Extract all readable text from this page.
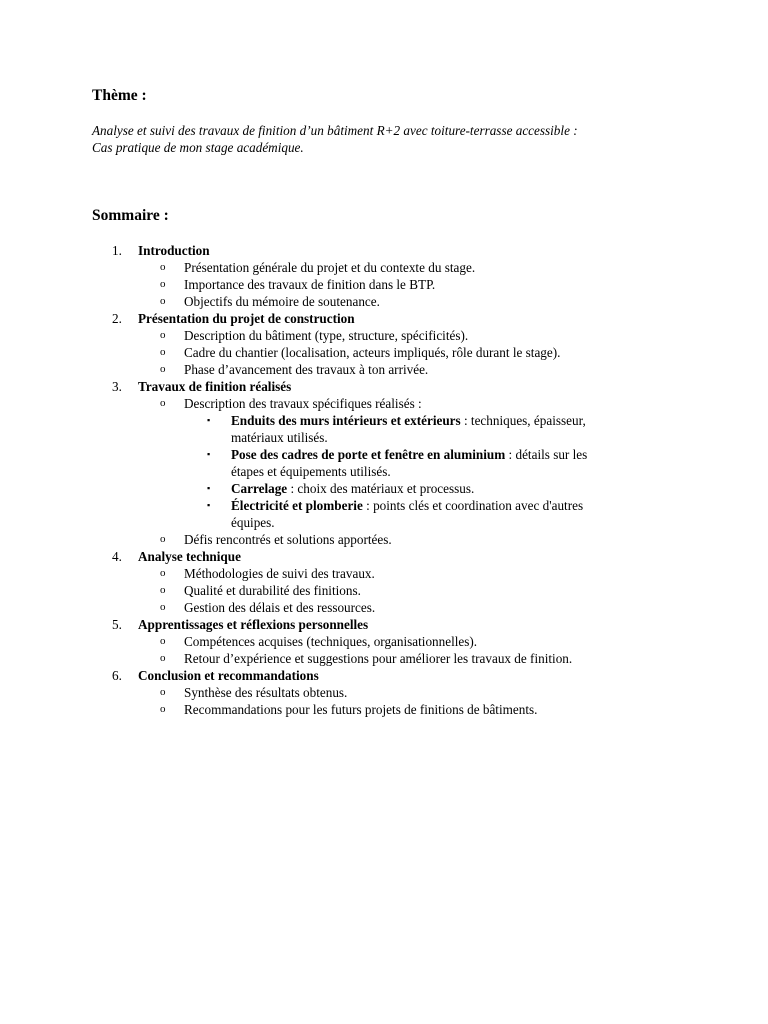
Thème :
Analyse et suivi des travaux de finition d’un bâtiment R+2 avec toiture-terrasse accessible :
Cas pratique de mon stage académique.
Sommaire :
1.	Introduction
o Présentation générale du projet et du contexte du stage.
o Importance des travaux de finition dans le BTP.
o Objectifs du mémoire de soutenance.
2.	Présentation du projet de construction
o Description du bâtiment (type, structure, spécificités).
o Cadre du chantier (localisation, acteurs impliqués, rôle durant le stage).
o Phase d’avancement des travaux à ton arrivée.
3.	Travaux de finition réalisés
o Description des travaux spécifiques réalisés :
▪ Enduits des murs intérieurs et extérieurs : techniques, épaisseur,
matériaux utilisés.
▪ Pose des cadres de porte et fenêtre en aluminium : détails sur les
étapes et équipements utilisés.
▪ Carrelage : choix des matériaux et processus.
▪ Électricité et plomberie : points clés et coordination avec d'autres
équipes.
o Défis rencontrés et solutions apportées.
4.	Analyse technique
o Méthodologies de suivi des travaux.
o Qualité et durabilité des finitions.
o Gestion des délais et des ressources.
5.	Apprentissages et réflexions personnelles
o Compétences acquises (techniques, organisationnelles).
o Retour d’expérience et suggestions pour améliorer les travaux de finition.
6.	Conclusion et recommandations
o Synthèse des résultats obtenus.
o Recommandations pour les futurs projets de finitions de bâtiments.
